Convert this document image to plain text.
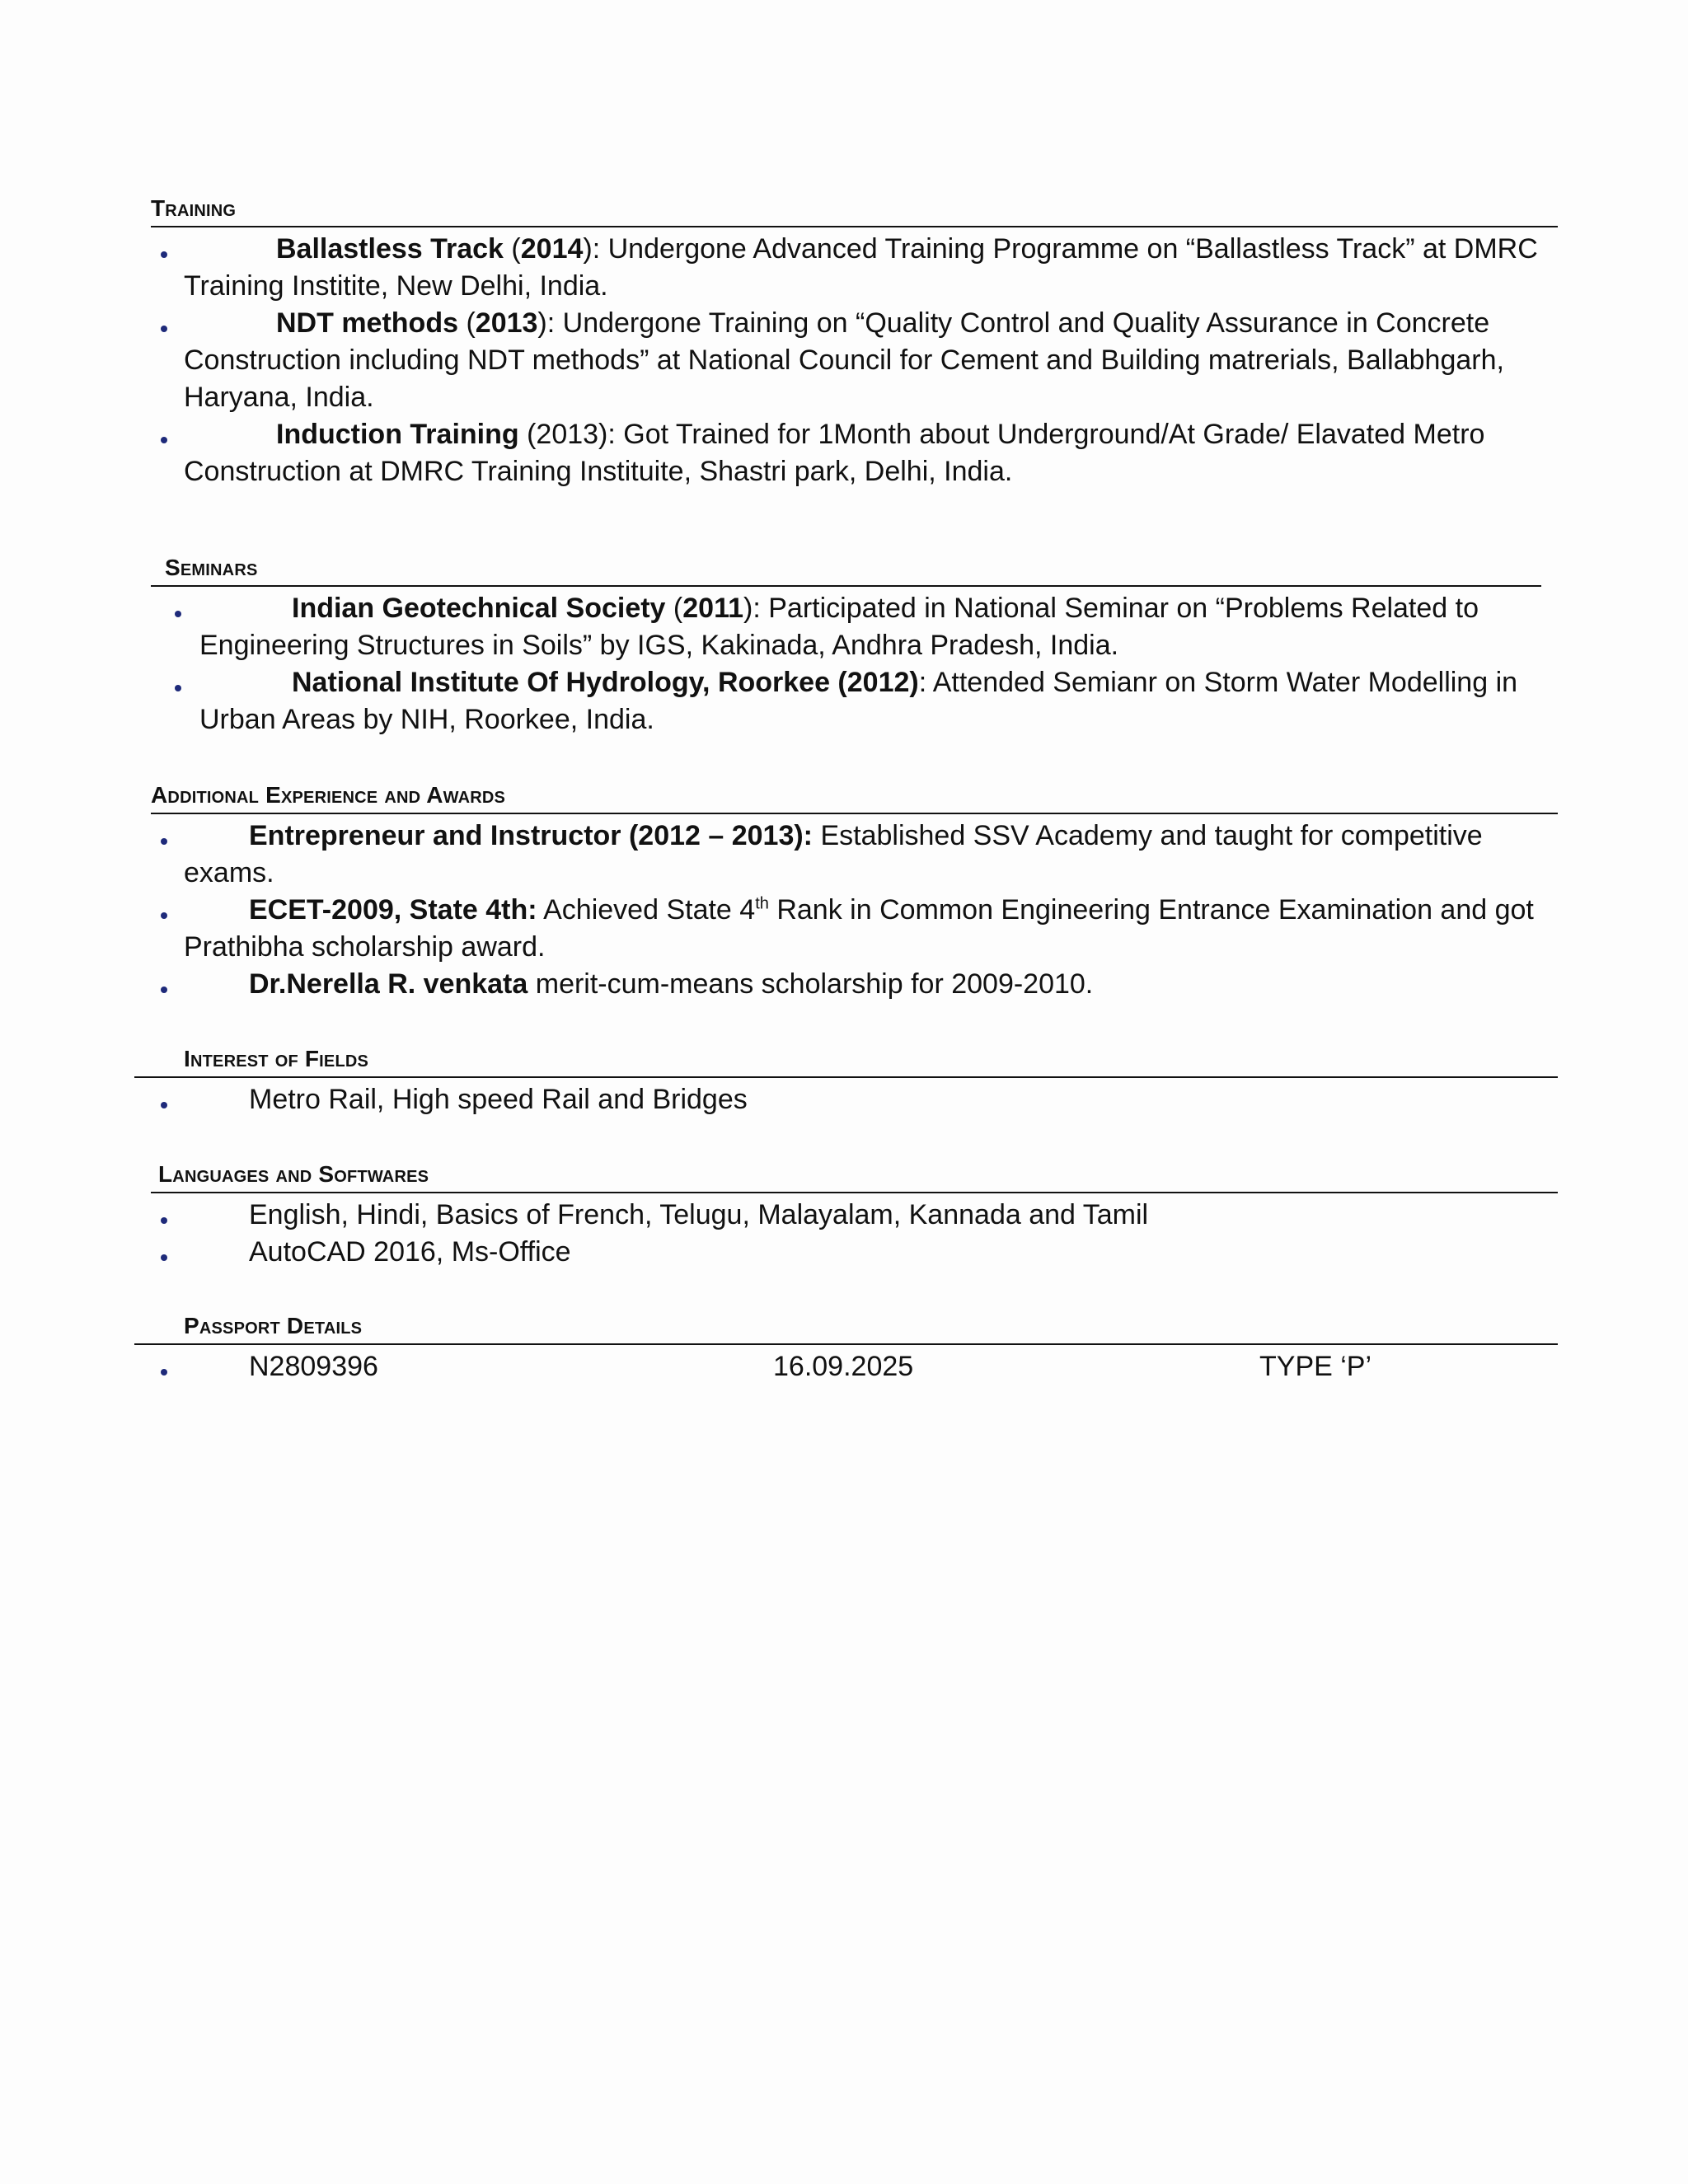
Training
Ballastless Track (2014): Undergone Advanced Training Programme on “Ballastless Track” at DMRC
Training Institite, New Delhi, India.
NDT methods (2013): Undergone Training on “Quality Control and Quality Assurance in Concrete
Construction including NDT methods” at National Council for Cement and Building matrerials, Ballabhgarh,
Haryana, India.
Induction Training (2013): Got Trained for 1Month about Underground/At Grade/ Elavated Metro
Construction at DMRC Training Instituite, Shastri park, Delhi, India.
Seminars
Indian Geotechnical Society (2011): Participated in National Seminar on “Problems Related to
Engineering Structures in Soils” by IGS, Kakinada, Andhra Pradesh, India.
National Institute Of Hydrology, Roorkee (2012): Attended Semianr on Storm Water Modelling in
Urban Areas by NIH, Roorkee, India.
Additional Experience and Awards
Entrepreneur and Instructor (2012 – 2013): Established SSV Academy and taught for competitive
exams.
ECET-2009, State 4th: Achieved State 4th Rank in Common Engineering Entrance Examination and got
Prathibha scholarship award.
Dr.Nerella R. venkata merit-cum-means scholarship for 2009-2010.
Interest of Fields
Metro Rail, High speed Rail and Bridges
Languages and Softwares
English, Hindi, Basics of French, Telugu, Malayalam, Kannada and Tamil
AutoCAD 2016, Ms-Office
Passport Details
N2809396	16.09.2025	TYPE ‘P’
